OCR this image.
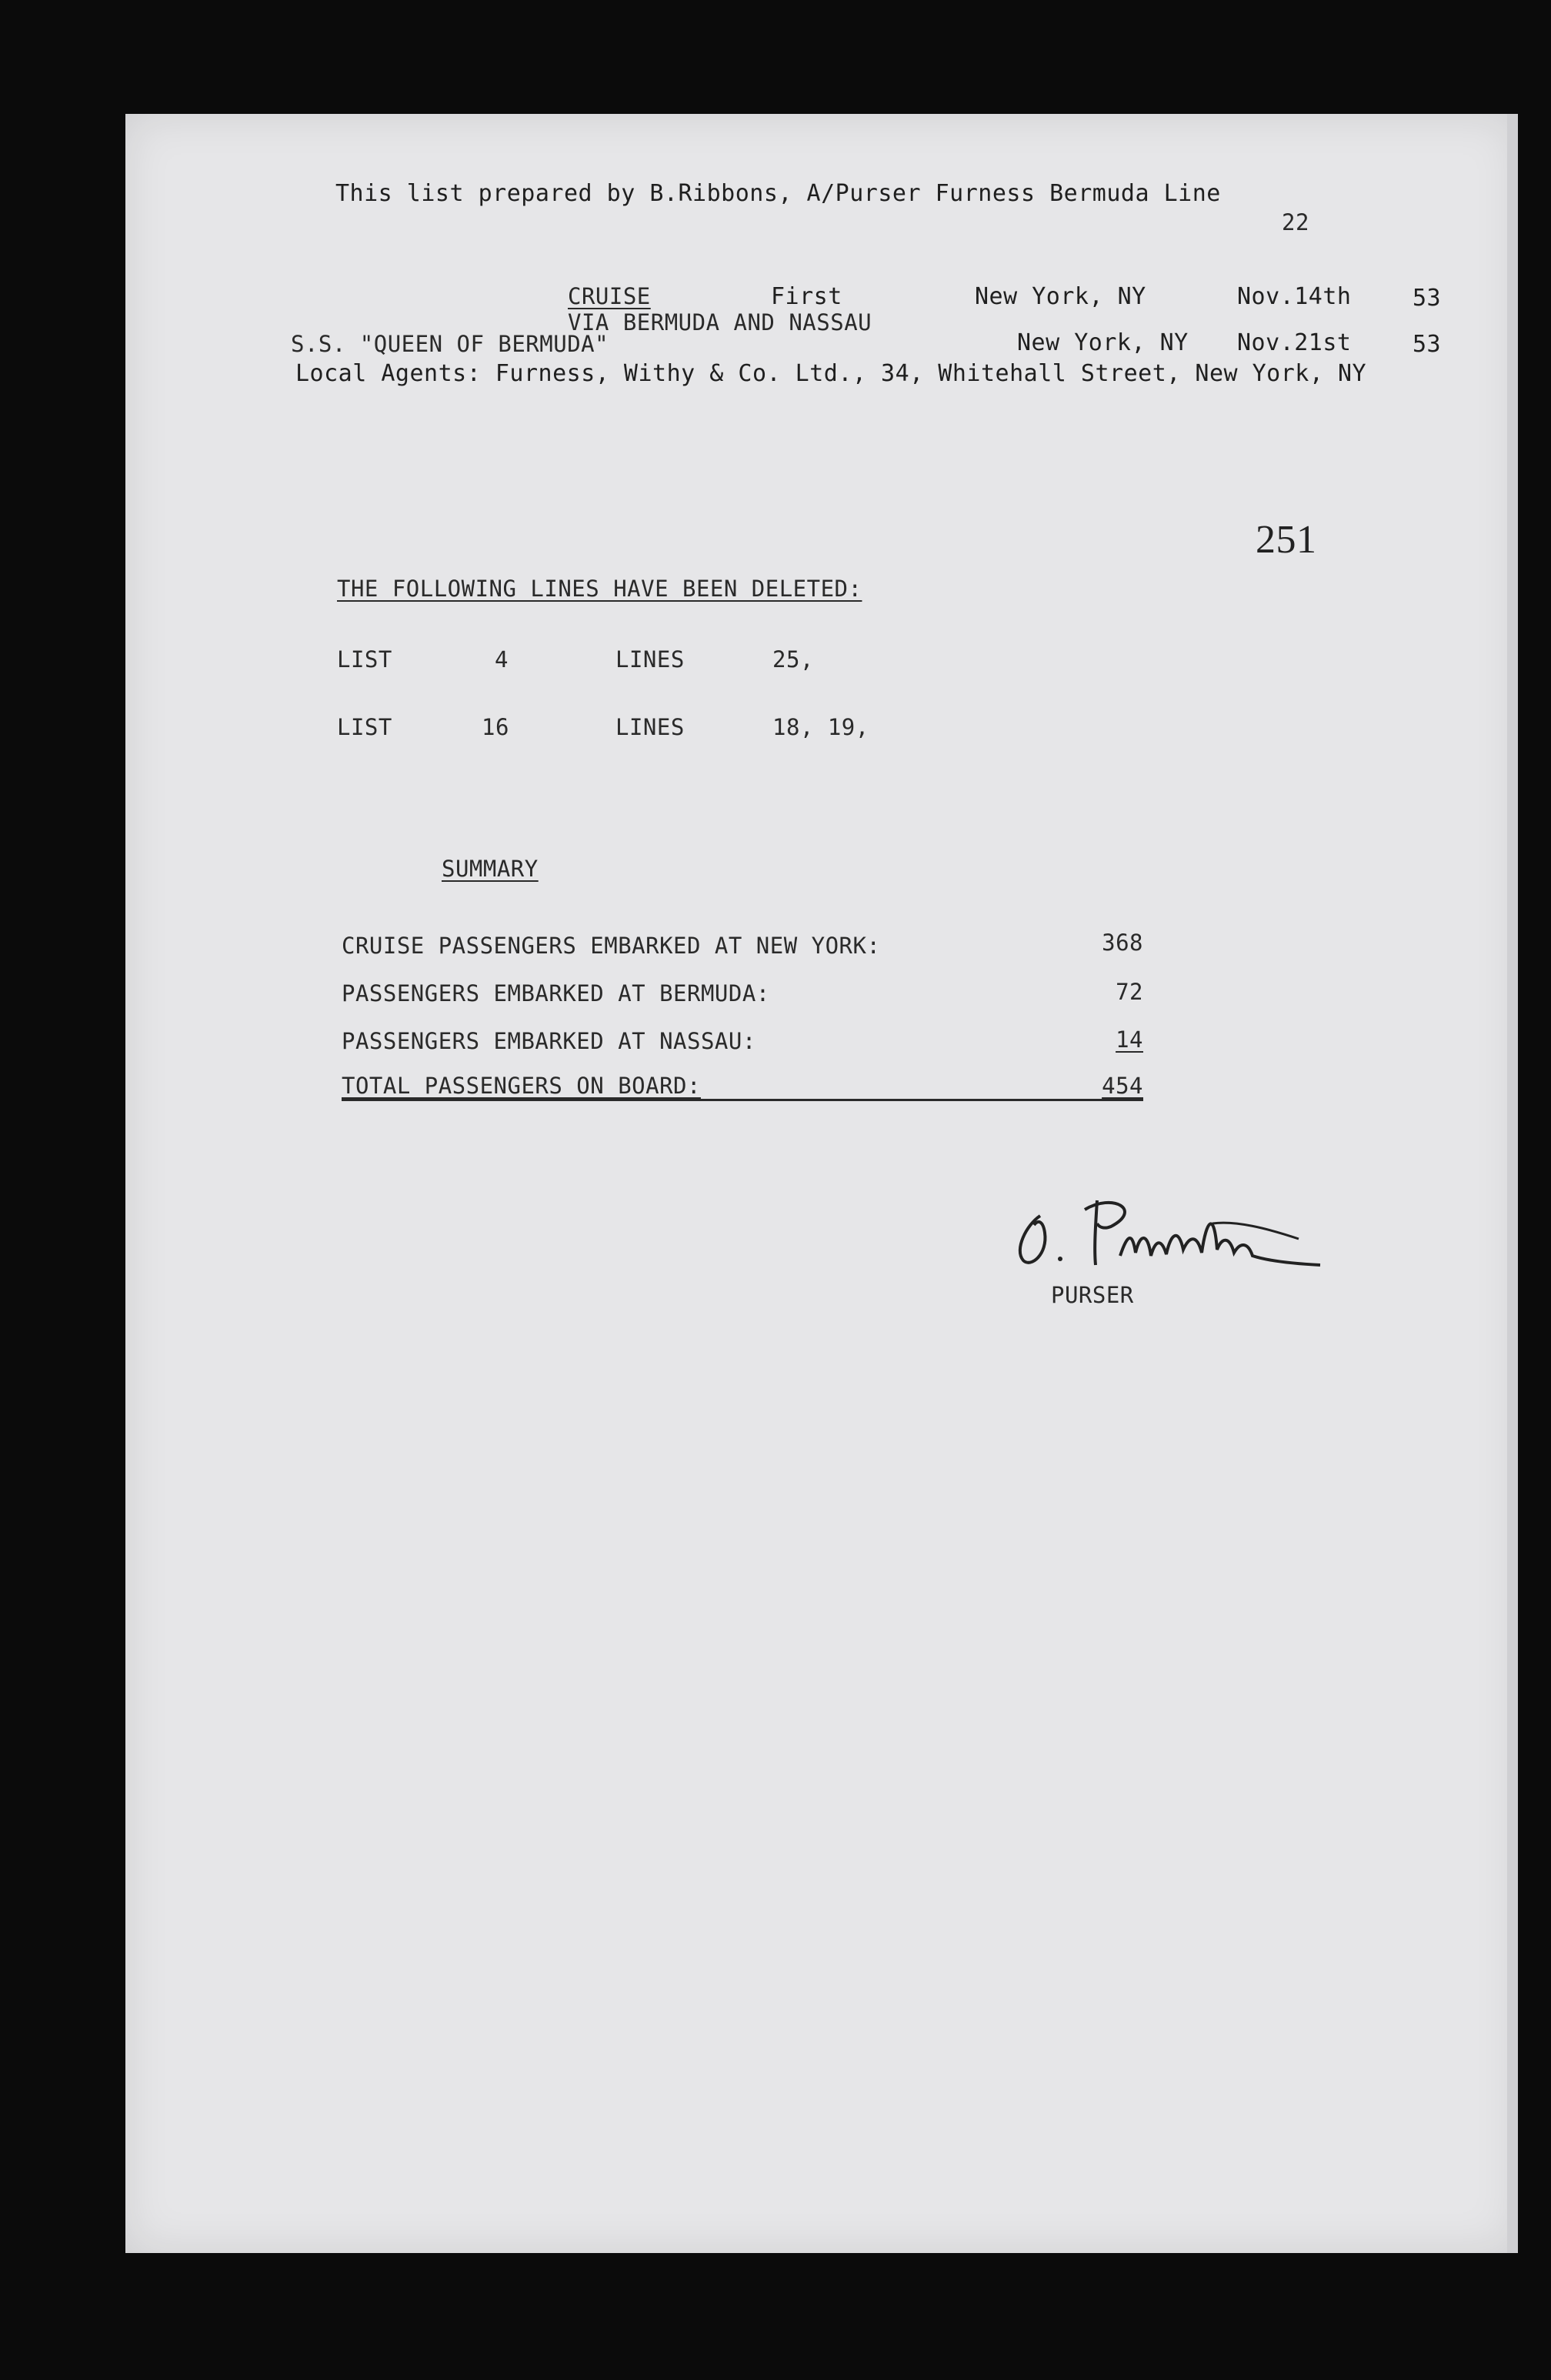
This list prepared by B.Ribbons, A/Purser Furness Bermuda Line
22
CRUISE	First	New York, NY	Nov.14th	53
VIA BERMUDA AND NASSAU
S.S. "QUEEN OF BERMUDA"	New York, NY Nov.21st	53
Local Agents: Furness, Withy & Co. Ltd., 34, Whitehall Street, New York, NY
251
THE FOLLOWING LINES HAVE BEEN DELETED:
LIST	4	LINES	25,
LIST	16	LINES	18, 19,
SUMMARY
CRUISE PASSENGERS EMBARKED AT NEW YORK:	368
PASSENGERS EMBARKED AT BERMUDA:	72
PASSENGERS EMBARKED AT NASSAU:	14
TOTAL PASSENGERS ON BOARD:	454
PURSER
